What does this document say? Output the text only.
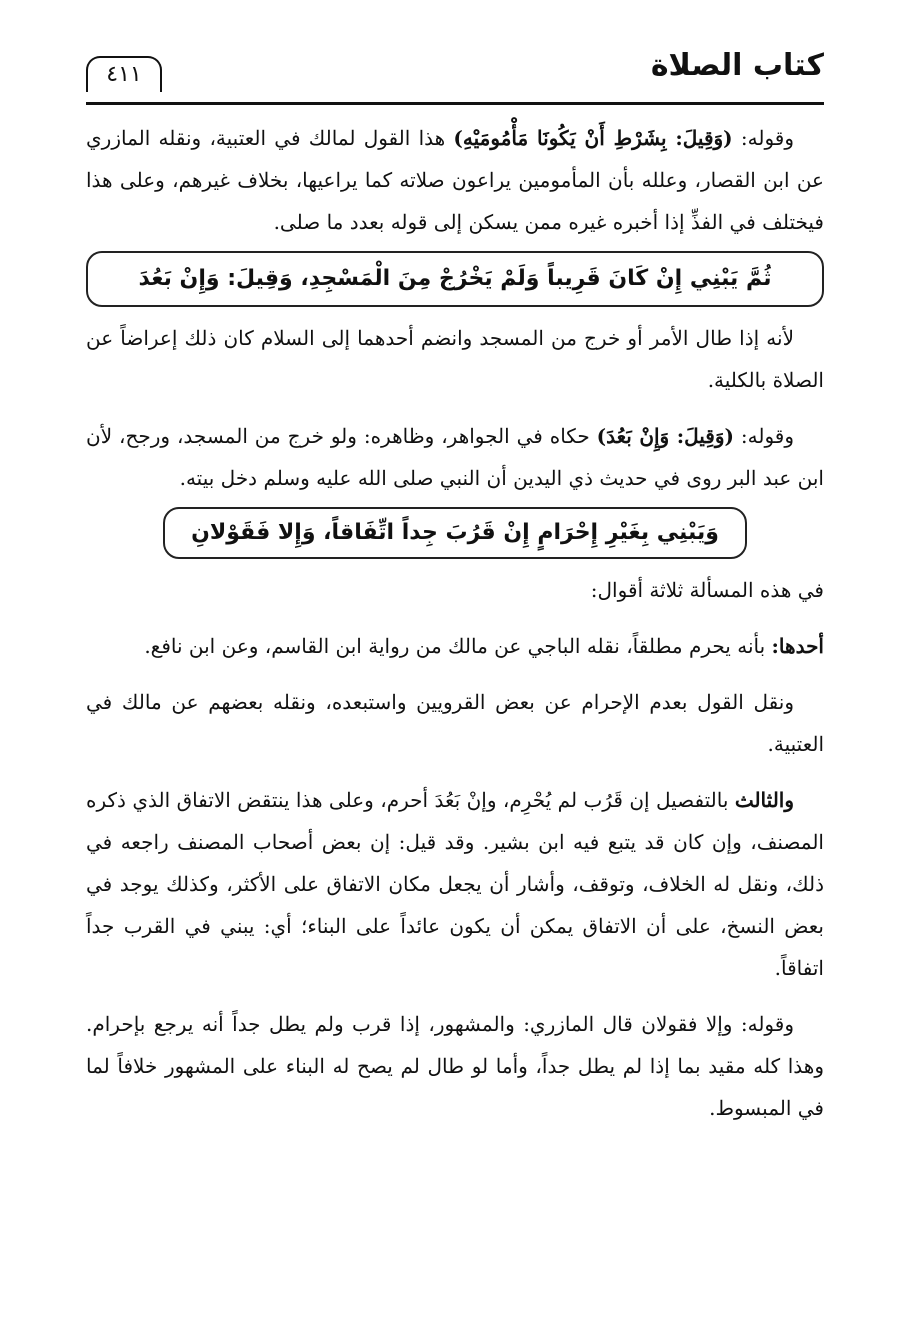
كتاب الصلاة
٤١١

وقوله: (وَقِيلَ: بِشَرْطِ أَنْ يَكُونَا مَأْمُومَيْهِ) هذا القول لمالك في العتبية، ونقله المازري عن ابن القصار، وعلله بأن المأمومين يراعون صلاته كما يراعيها، بخلاف غيرهم، وعلى هذا فيختلف في الفذِّ إذا أخبره غيره ممن يسكن إلى قوله بعدد ما صلى.

ثُمَّ يَبْنِي إِنْ كَانَ قَرِيباً وَلَمْ يَخْرُجْ مِنَ الْمَسْجِدِ، وَقِيلَ: وَإِنْ بَعُدَ

لأنه إذا طال الأمر أو خرج من المسجد وانضم أحدهما إلى السلام كان ذلك إعراضاً عن الصلاة بالكلية.

وقوله: (وَقِيلَ: وَإِنْ بَعُدَ) حكاه في الجواهر، وظاهره: ولو خرج من المسجد، ورجح، لأن ابن عبد البر روى في حديث ذي اليدين أن النبي صلى الله عليه وسلم دخل بيته.

وَيَبْنِي بِغَيْرِ إِحْرَامٍ إِنْ قَرُبَ جِداً اتِّفَاقاً، وَإِلا فَقَوْلانِ

في هذه المسألة ثلاثة أقوال:

أحدها: بأنه يحرم مطلقاً، نقله الباجي عن مالك من رواية ابن القاسم، وعن ابن نافع.

ونقل القول بعدم الإحرام عن بعض القرويين واستبعده، ونقله بعضهم عن مالك في العتبية.

والثالث بالتفصيل إن قَرُب لم يُحْرِم، وإنْ بَعُدَ أحرم، وعلى هذا ينتقض الاتفاق الذي ذكره المصنف، وإن كان قد يتبع فيه ابن بشير. وقد قيل: إن بعض أصحاب المصنف راجعه في ذلك، ونقل له الخلاف، وتوقف، وأشار أن يجعل مكان الاتفاق على الأكثر، وكذلك يوجد في بعض النسخ، على أن الاتفاق يمكن أن يكون عائداً على البناء؛ أي: يبني في القرب جداً اتفاقاً.

وقوله: وإلا فقولان قال المازري: والمشهور، إذا قرب ولم يطل جداً أنه يرجع بإحرام. وهذا كله مقيد بما إذا لم يطل جداً، وأما لو طال لم يصح له البناء على المشهور خلافاً لما في المبسوط.
